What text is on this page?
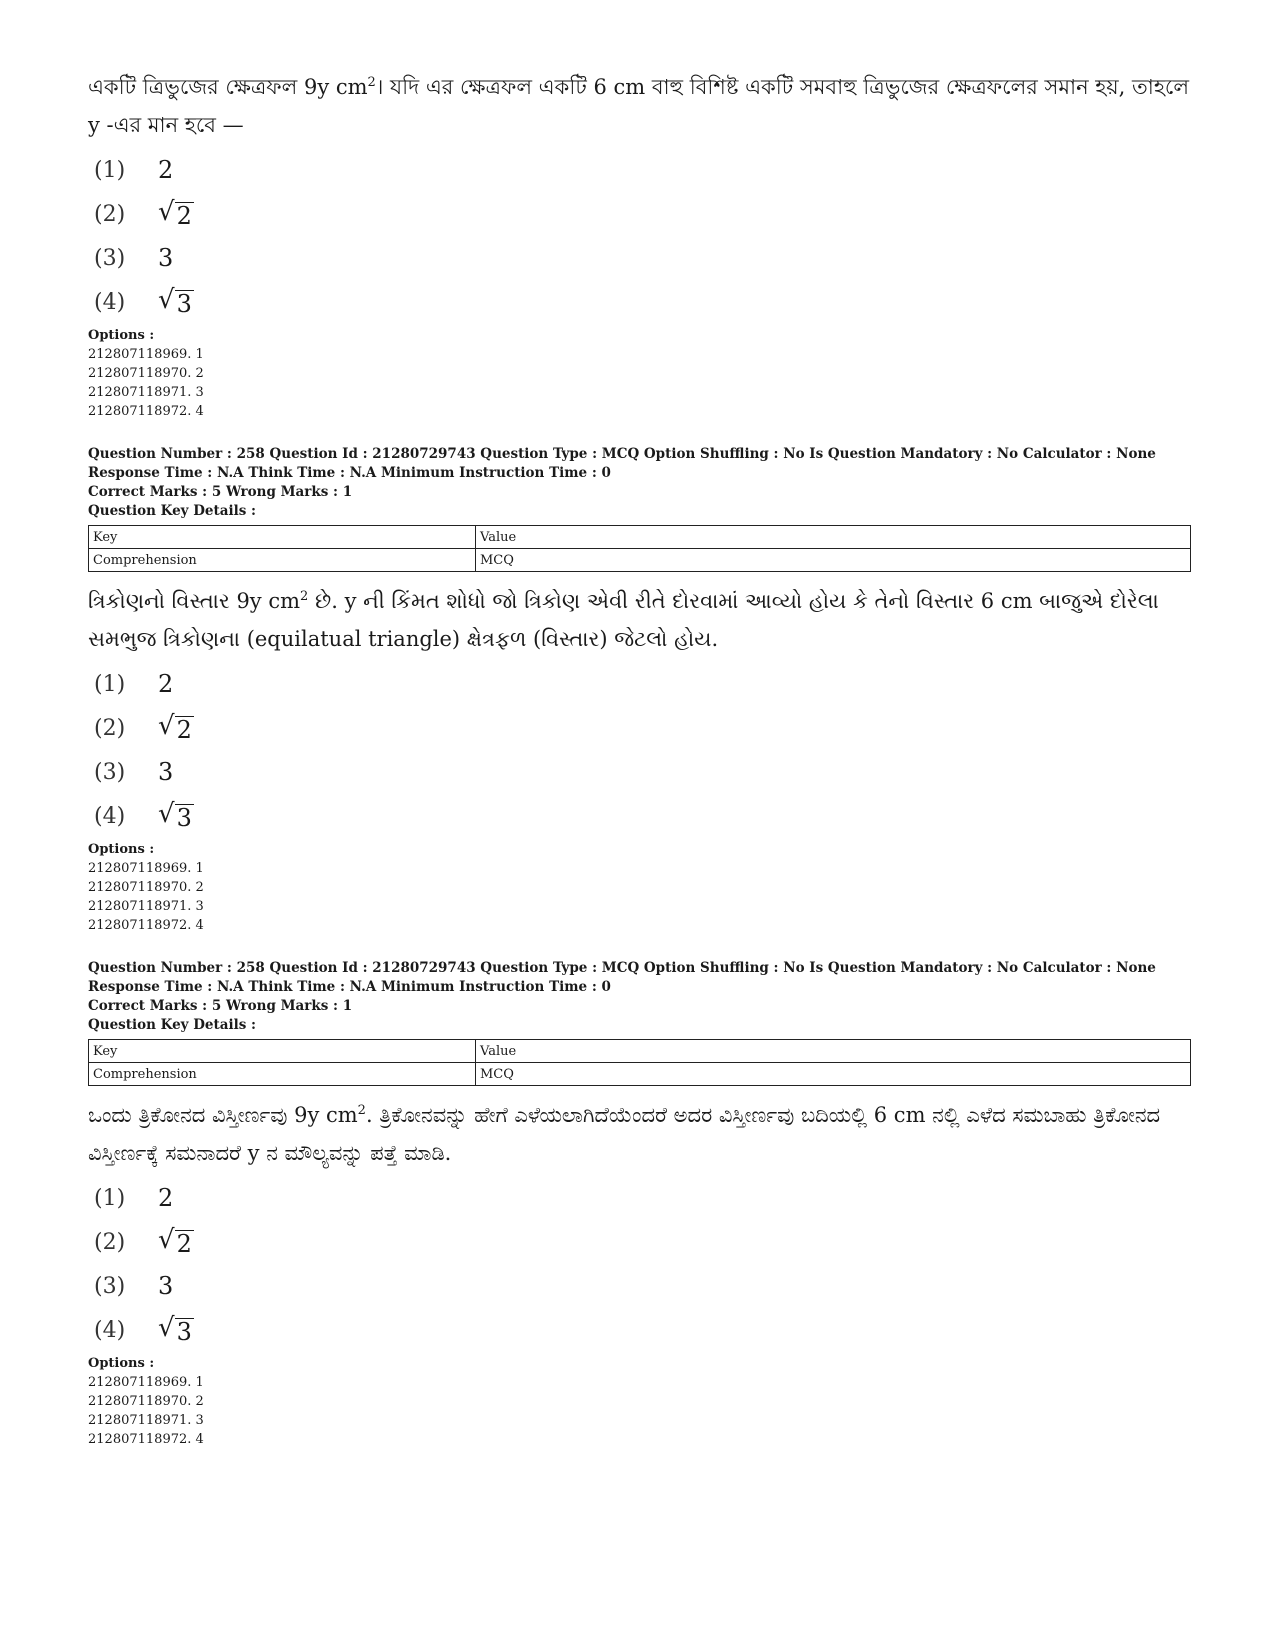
একটি ত্রিভুজের ক্ষেত্রফল 9y $cm^2।$ যদি এর ক্ষেত্রফল একটি 6 cm বাহু বিশিষ্ট একটি সমবাহু ত্রিভুজের ক্ষেত্রফলের সমান হয়, তাহলে y -এর মান হবে —

(1)	2
(2)	√ 2
(3)	3
(4)	√ 3
Options :
212807118969. 1
212807118970. 2
212807118971. 3
212807118972. 4
Question Number : 258 Question Id : 21280729743 Question Type : MCQ Option Shuffling : No Is Question Mandatory : No Calculator : None
Response Time : N.A Think Time : N.A Minimum Instruction Time : 0
Correct Marks : 5 Wrong Marks : 1
Question Key Details :
Key	Value
Comprehension	MCQ

ત્રિકોણનો વિસ્તાર 9y $cm^2$ છે. y ની કિંમત શોધો જો ત્રિકોણ એવી રીતે દોરવામાં આવ્યો હોય કે તેનો વિસ્તાર 6 cm બાજુએ દોરેલા સમભુજ ત્રિકોણના (equilatual triangle) ક્ષેત્રફળ (વિસ્તાર) જેટલો હોય.

(1)	2
(2)	√ 2
(3)	3
(4)	√ 3
Options :
212807118969. 1
212807118970. 2
212807118971. 3
212807118972. 4
Question Number : 258 Question Id : 21280729743 Question Type : MCQ Option Shuffling : No Is Question Mandatory : No Calculator : None
Response Time : N.A Think Time : N.A Minimum Instruction Time : 0
Correct Marks : 5 Wrong Marks : 1
Question Key Details :
Key	Value
Comprehension	MCQ

ಒಂದು ತ್ರಿಕೋನದ ವಿಸ್ತೀರ್ಣವು 9y $cm^2$. ತ್ರಿಕೋನವನ್ನು ಹೇಗೆ ಎಳೆಯಲಾಗಿದೆಯೆಂದರೆ ಅದರ ವಿಸ್ತೀರ್ಣವು ಬದಿಯಲ್ಲಿ 6 cm ನಲ್ಲಿ ಎಳೆದ ಸಮಬಾಹು ತ್ರಿಕೋನದ ವಿಸ್ತೀರ್ಣಕ್ಕೆ ಸಮನಾದರೆ y ನ ಮೌಲ್ಯವನ್ನು ಪತ್ತೆ ಮಾಡಿ.

(1)	2
(2)	√ 2
(3)	3
(4)	√ 3
Options :
212807118969. 1
212807118970. 2
212807118971. 3
212807118972. 4
